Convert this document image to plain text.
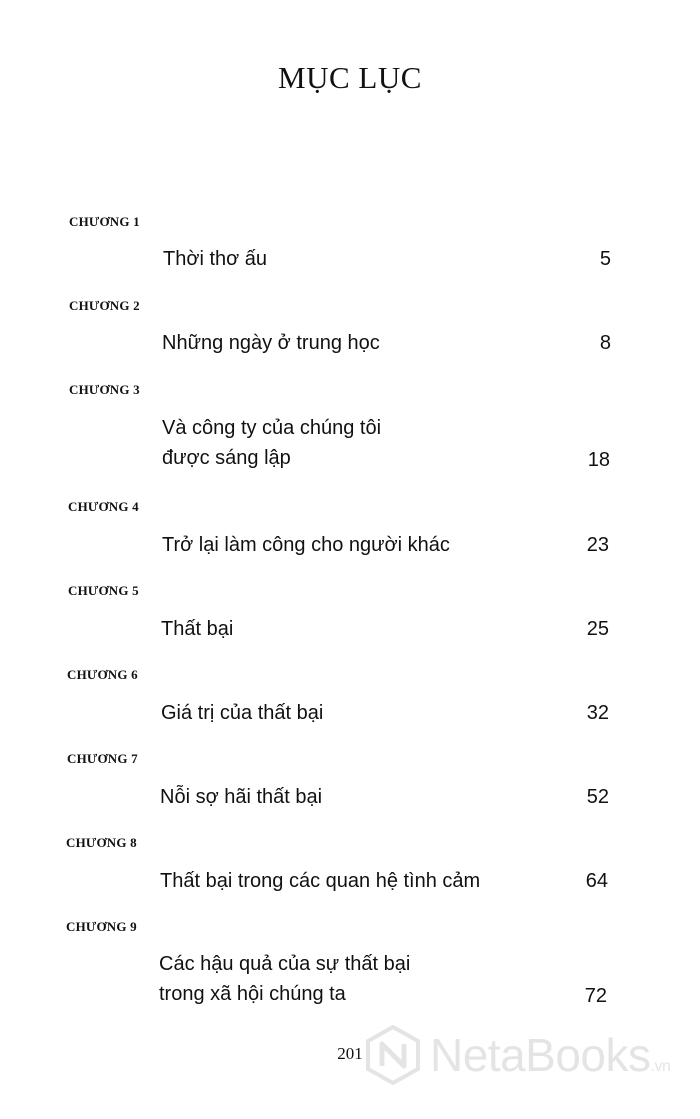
MỤC LỤC
CHƯƠNG 1
Thời thơ ấu	5
CHƯƠNG 2
Những ngày ở trung học	8
CHƯƠNG 3
Và công ty của chúng tôi
được sáng lập	18
CHƯƠNG 4
Trở lại làm công cho người khác	23
CHƯƠNG 5
Thất bại	25
CHƯƠNG 6
Giá trị của thất bại	32
CHƯƠNG 7
Nỗi sợ hãi thất bại	52
CHƯƠNG 8
Thất bại trong các quan hệ tình cảm	64
CHƯƠNG 9
Các hậu quả của sự thất bại
trong xã hội chúng ta	72
201	NetaBooks.vn
